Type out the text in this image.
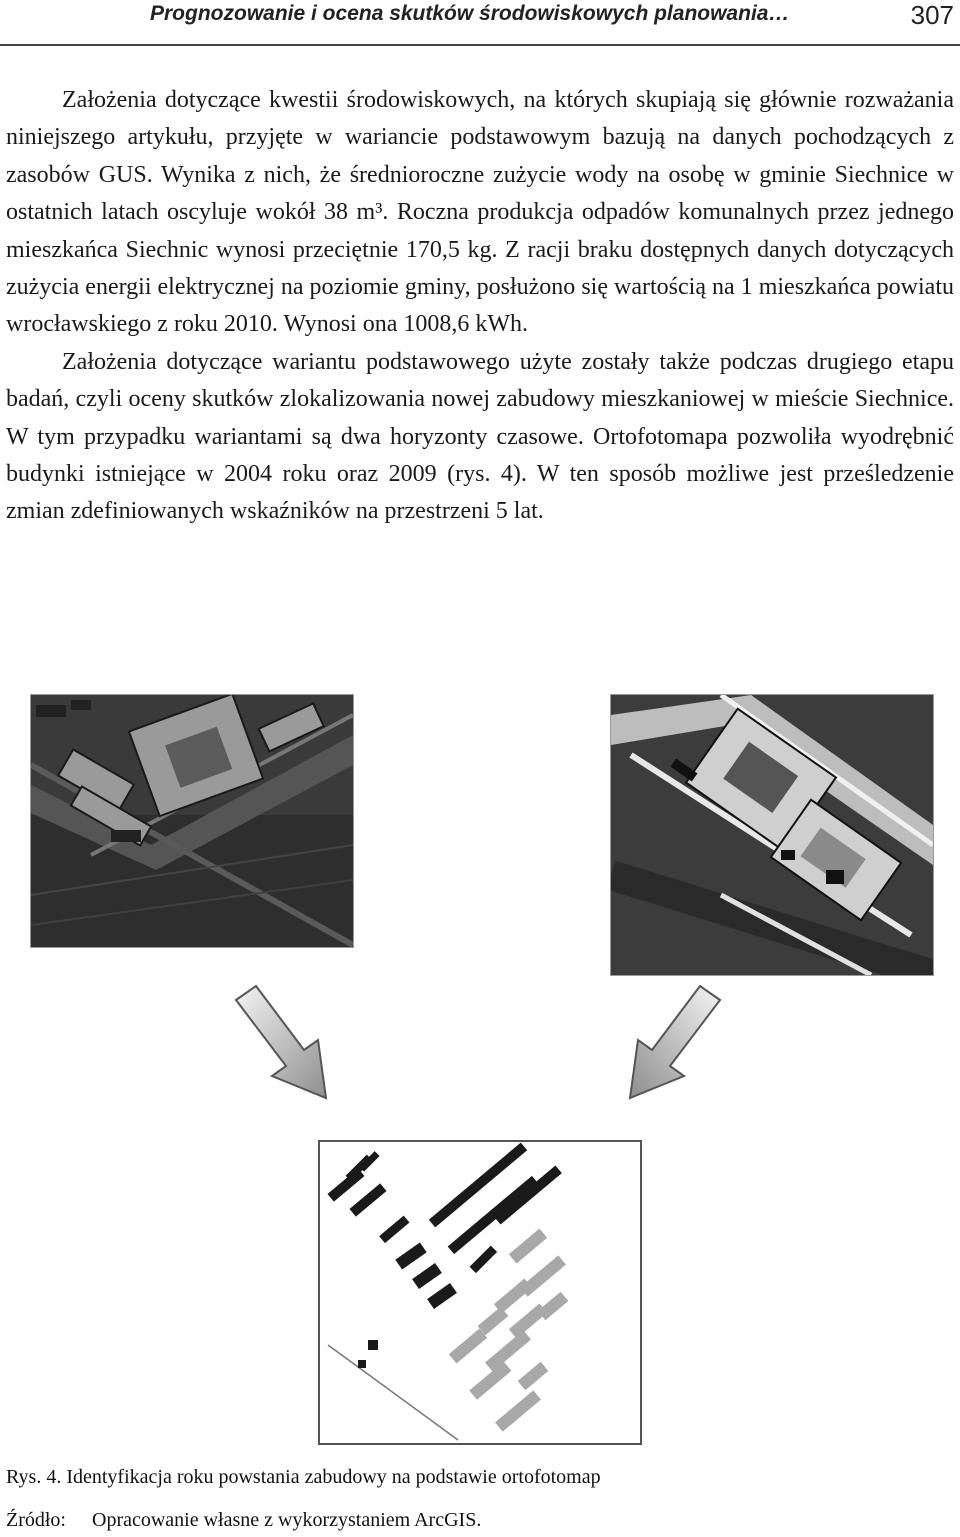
Prognozowanie i ocena skutków środowiskowych planowania…	307

Założenia dotyczące kwestii środowiskowych, na których skupiają się głównie rozważania niniejszego artykułu, przyjęte w wariancie podstawowym bazują na danych pochodzących z zasobów GUS. Wynika z nich, że średnioroczne zużycie wody na osobę w gminie Siechnice w ostatnich latach oscyluje wokół 38 m³. Roczna produkcja odpadów komunalnych przez jednego mieszkańca Siechnic wynosi przeciętnie 170,5 kg. Z racji braku dostępnych danych dotyczących zużycia energii elektrycznej na poziomie gminy, posłużono się wartością na 1 mieszkańca powiatu wrocławskiego z roku 2010. Wynosi ona 1008,6 kWh.

Założenia dotyczące wariantu podstawowego użyte zostały także podczas drugiego etapu badań, czyli oceny skutków zlokalizowania nowej zabudowy mieszkaniowej w mieście Siechnice. W tym przypadku wariantami są dwa horyzonty czasowe. Ortofotomapa pozwoliła wyodrębnić budynki istniejące w 2004 roku oraz 2009 (rys. 4). W ten sposób możliwe jest prześledzenie zmian zdefiniowanych wskaźników na przestrzeni 5 lat.

Rys. 4. Identyfikacja roku powstania zabudowy na podstawie ortofotomap
Źródło: Opracowanie własne z wykorzystaniem ArcGIS.
